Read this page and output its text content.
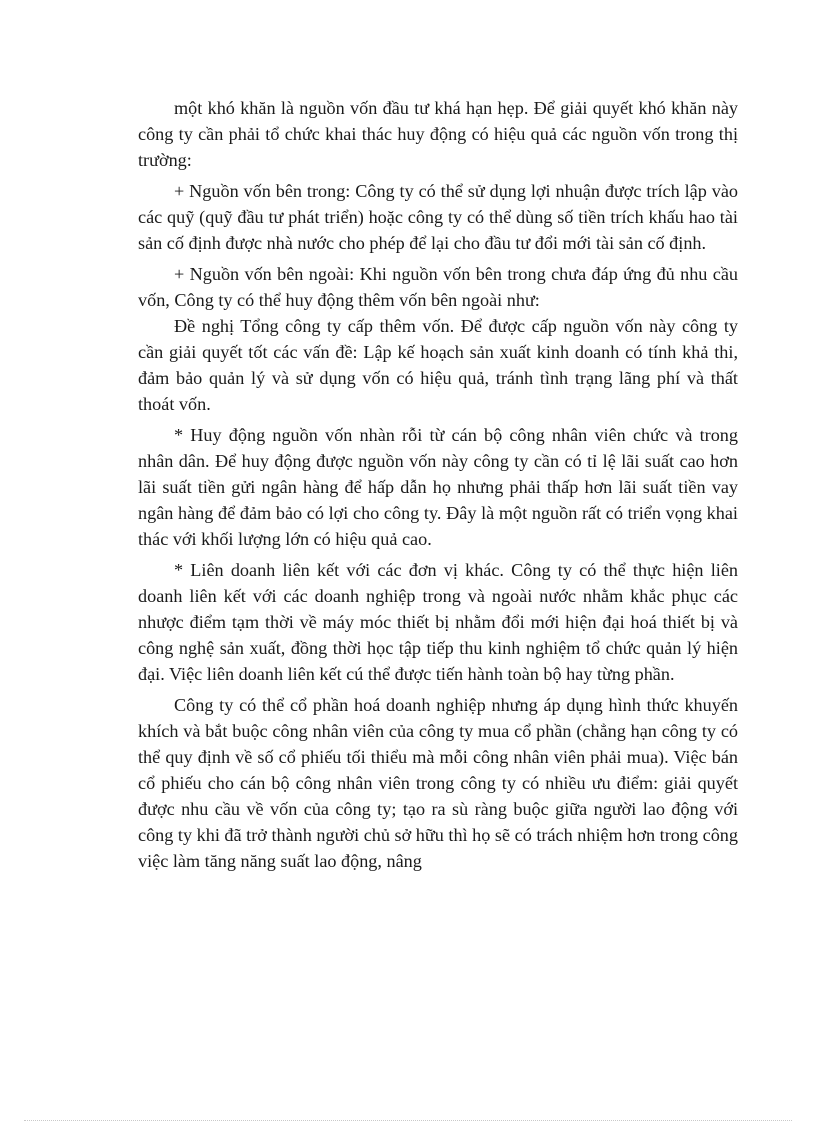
một khó khăn là nguồn vốn đầu tư khá hạn hẹp. Để giải quyết khó khăn này công ty cần phải tổ chức khai thác huy động có hiệu quả các nguồn vốn trong thị trường:

+ Nguồn vốn bên trong: Công ty có thể sử dụng lợi nhuận được trích lập vào các quỹ (quỹ đầu tư phát triển) hoặc công ty có thể dùng số tiền trích khấu hao tài sản cố định được nhà nước cho phép để lại cho đầu tư đổi mới tài sản cố định.

+ Nguồn vốn bên ngoài: Khi nguồn vốn bên trong chưa đáp ứng đủ nhu cầu vốn, Công ty có thể huy động thêm vốn bên ngoài như:

Đề nghị Tổng công ty cấp thêm vốn. Để được cấp nguồn vốn này công ty cần giải quyết tốt các vấn đề: Lập kế hoạch sản xuất kinh doanh có tính khả thi, đảm bảo quản lý và sử dụng vốn có hiệu quả, tránh tình trạng lãng phí và thất thoát vốn.

* Huy động nguồn vốn nhàn rỗi từ cán bộ công nhân viên chức và trong nhân dân. Để huy động được nguồn vốn này công ty cần có tỉ lệ lãi suất cao hơn lãi suất tiền gửi ngân hàng để hấp dẫn họ nhưng phải thấp hơn lãi suất tiền vay ngân hàng để đảm bảo có lợi cho công ty. Đây là một nguồn rất có triển vọng khai thác với khối lượng lớn có hiệu quả cao.

* Liên doanh liên kết với các đơn vị khác. Công ty có thể thực hiện liên doanh liên kết với các doanh nghiệp trong và ngoài nước nhằm khắc phục các nhược điểm tạm thời về máy móc thiết bị nhằm đổi mới hiện đại hoá thiết bị và công nghệ sản xuất, đồng thời học tập tiếp thu kinh nghiệm tổ chức quản lý hiện đại. Việc liên doanh liên kết cú thể được tiến hành toàn bộ hay từng phần.

Công ty có thể cổ phần hoá doanh nghiệp nhưng áp dụng hình thức khuyến khích và bắt buộc công nhân viên của công ty mua cổ phần (chẳng hạn công ty có thể quy định về số cổ phiếu tối thiểu mà mỗi công nhân viên phải mua). Việc bán cổ phiếu cho cán bộ công nhân viên trong công ty có nhiều ưu điểm: giải quyết được nhu cầu về vốn của công ty; tạo ra sù ràng buộc giữa người lao động với công ty khi đã trở thành người chủ sở hữu thì họ sẽ có trách nhiệm hơn trong công việc làm tăng năng suất lao động, nâng
